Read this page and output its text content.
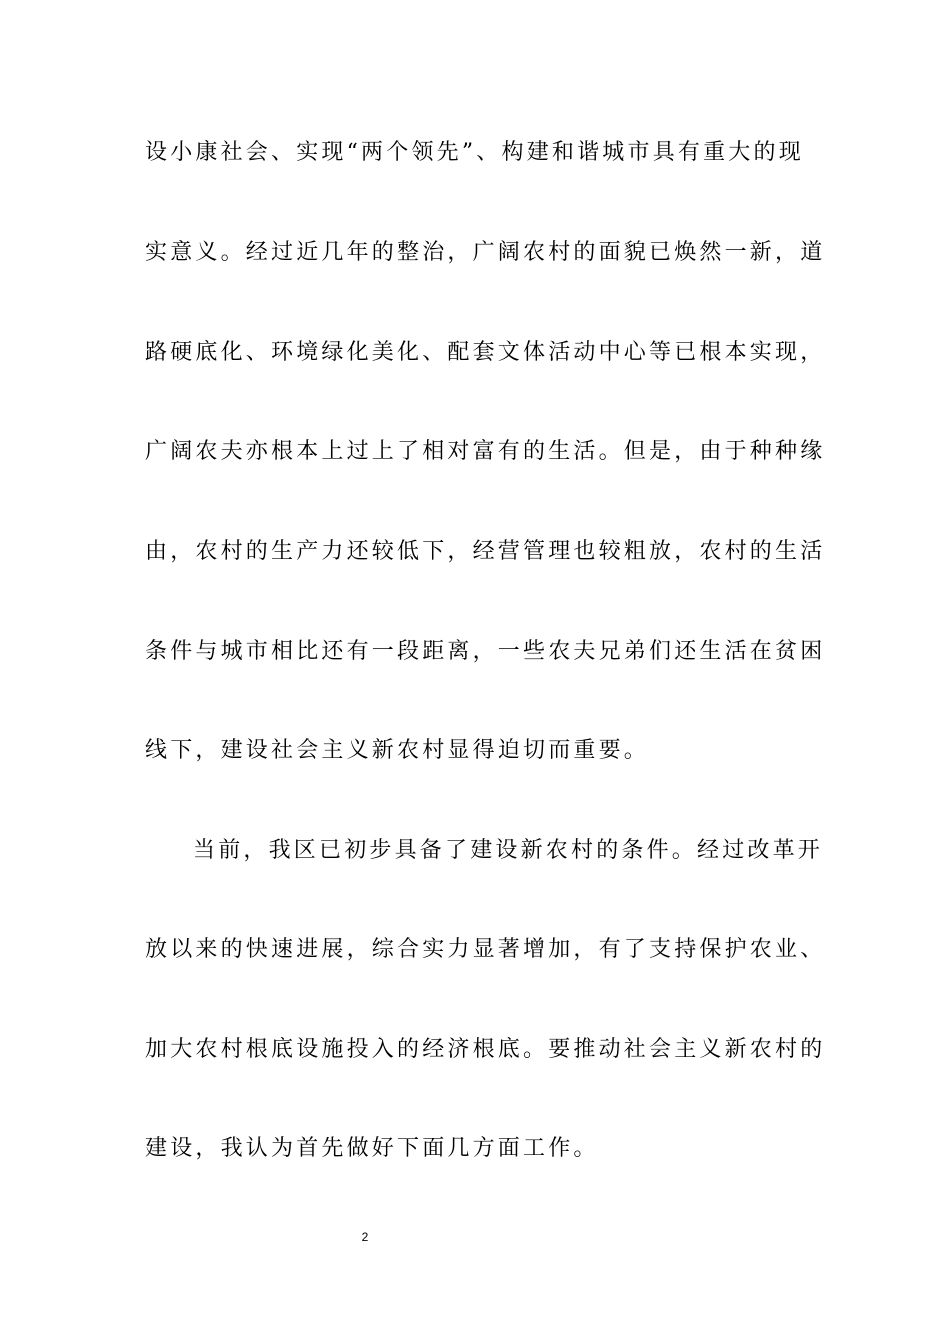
设小康社会、实现“两个领先”、构建和谐城市具有重大的现
实意义。经过近几年的整治，广阔农村的面貌已焕然一新，道
路硬底化、环境绿化美化、配套文体活动中心等已根本实现，
广阔农夫亦根本上过上了相对富有的生活。但是，由于种种缘
由，农村的生产力还较低下，经营管理也较粗放，农村的生活
条件与城市相比还有一段距离，一些农夫兄弟们还生活在贫困
线下，建设社会主义新农村显得迫切而重要。
当前，我区已初步具备了建设新农村的条件。经过改革开
放以来的快速进展，综合实力显著增加，有了支持保护农业、
加大农村根底设施投入的经济根底。要推动社会主义新农村的
建设，我认为首先做好下面几方面工作。
2
